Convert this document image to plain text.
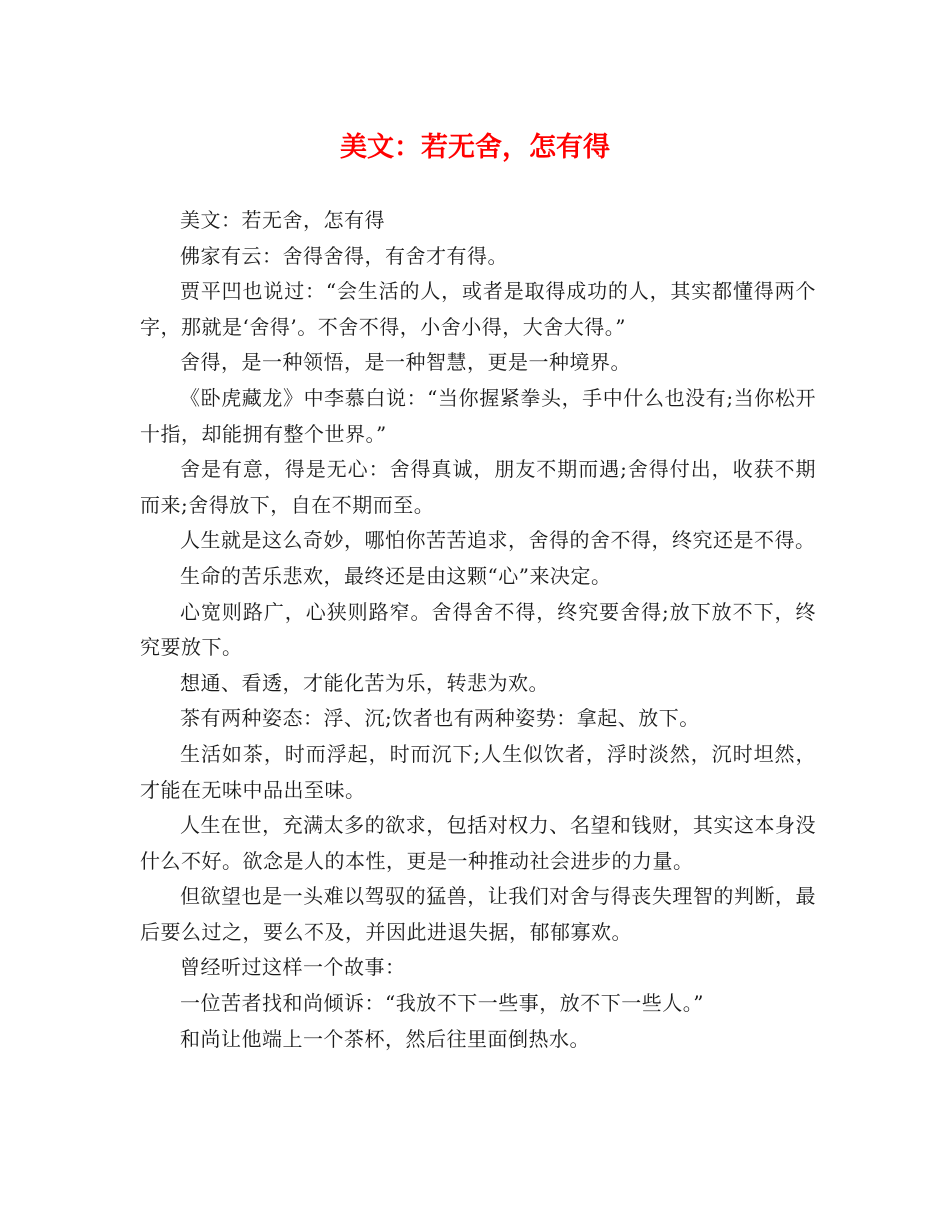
美文：若无舍，怎有得

美文：若无舍，怎有得

佛家有云：舍得舍得，有舍才有得。

贾平凹也说过：“会生活的人，或者是取得成功的人，其实都懂得两个字，那就是‘舍得’。不舍不得，小舍小得，大舍大得。”

舍得，是一种领悟，是一种智慧，更是一种境界。

《卧虎藏龙》中李慕白说：“当你握紧拳头，手中什么也没有;当你松开十指，却能拥有整个世界。”

舍是有意，得是无心：舍得真诚，朋友不期而遇;舍得付出，收获不期而来;舍得放下，自在不期而至。

人生就是这么奇妙，哪怕你苦苦追求，舍得的舍不得，终究还是不得。

生命的苦乐悲欢，最终还是由这颗“心”来决定。

心宽则路广，心狭则路窄。舍得舍不得，终究要舍得;放下放不下，终究要放下。

想通、看透，才能化苦为乐，转悲为欢。

茶有两种姿态：浮、沉;饮者也有两种姿势：拿起、放下。

生活如茶，时而浮起，时而沉下;人生似饮者，浮时淡然，沉时坦然，才能在无味中品出至味。

人生在世，充满太多的欲求，包括对权力、名望和钱财，其实这本身没什么不好。欲念是人的本性，更是一种推动社会进步的力量。

但欲望也是一头难以驾驭的猛兽，让我们对舍与得丧失理智的判断，最后要么过之，要么不及，并因此进退失据，郁郁寡欢。

曾经听过这样一个故事：

一位苦者找和尚倾诉：“我放不下一些事，放不下一些人。”

和尚让他端上一个茶杯，然后往里面倒热水。
